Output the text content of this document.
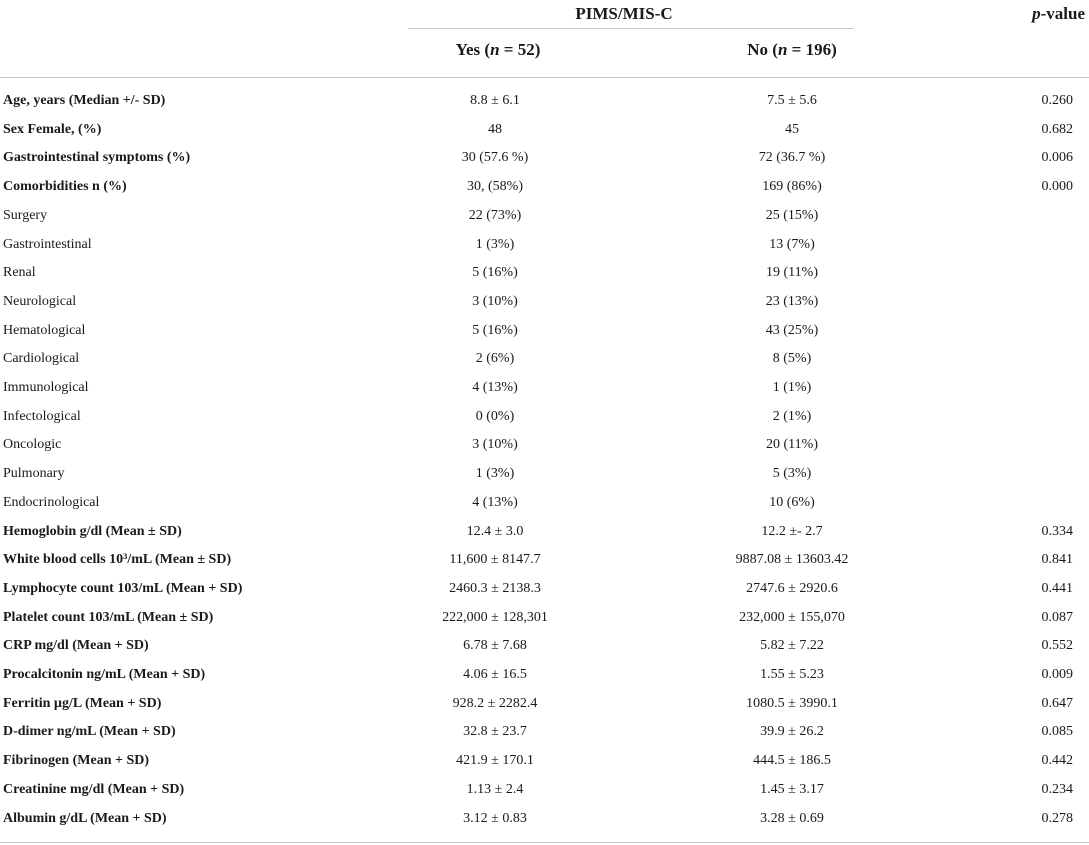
PIMS/MIS-C	p-value
Yes (n = 52)	No (n = 196)
Age, years (Median +/- SD)	8.8 ± 6.1	7.5 ± 5.6	0.260
Sex Female, (%)	48	45	0.682
Gastrointestinal symptoms (%)	30 (57.6 %)	72 (36.7 %)	0.006
Comorbidities n (%)	30, (58%)	169 (86%)	0.000
Surgery	22 (73%)	25 (15%)
Gastrointestinal	1 (3%)	13 (7%)
Renal	5 (16%)	19 (11%)
Neurological	3 (10%)	23 (13%)
Hematological	5 (16%)	43 (25%)
Cardiological	2 (6%)	8 (5%)
Immunological	4 (13%)	1 (1%)
Infectological	0 (0%)	2 (1%)
Oncologic	3 (10%)	20 (11%)
Pulmonary	1 (3%)	5 (3%)
Endocrinological	4 (13%)	10 (6%)
Hemoglobin g/dl (Mean ± SD)	12.4 ± 3.0	12.2 ±- 2.7	0.334
White blood cells 10³/mL (Mean ± SD)	11,600 ± 8147.7	9887.08 ± 13603.42	0.841
Lymphocyte count 103/mL (Mean + SD)	2460.3 ± 2138.3	2747.6 ± 2920.6	0.441
Platelet count 103/mL (Mean ± SD)	222,000 ± 128,301	232,000 ± 155,070	0.087
CRP mg/dl (Mean + SD)	6.78 ± 7.68	5.82 ± 7.22	0.552
Procalcitonin ng/mL (Mean + SD)	4.06 ± 16.5	1.55 ± 5.23	0.009
Ferritin µg/L (Mean + SD)	928.2 ± 2282.4	1080.5 ± 3990.1	0.647
D-dimer ng/mL (Mean + SD)	32.8 ± 23.7	39.9 ± 26.2	0.085
Fibrinogen (Mean + SD)	421.9 ± 170.1	444.5 ± 186.5	0.442
Creatinine mg/dl (Mean + SD)	1.13 ± 2.4	1.45 ± 3.17	0.234
Albumin g/dL (Mean + SD)	3.12 ± 0.83	3.28 ± 0.69	0.278
